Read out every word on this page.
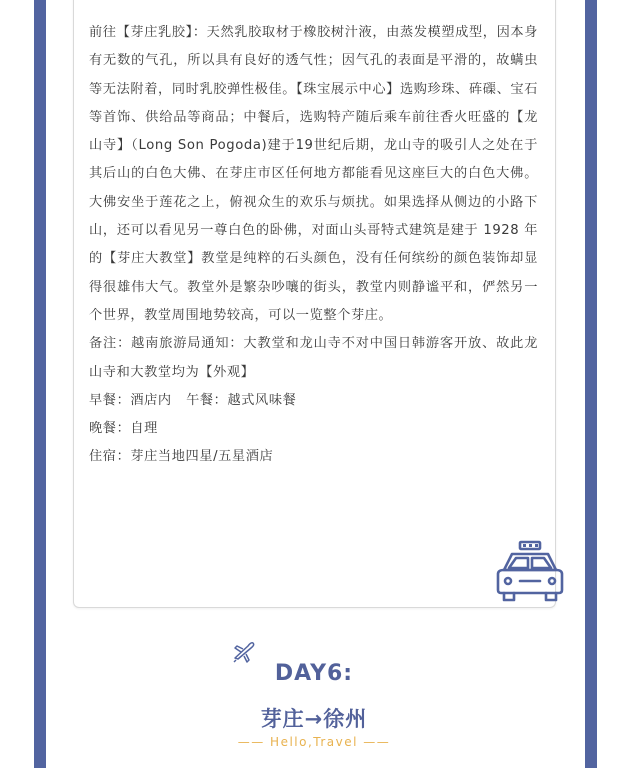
前往【芽庄乳胶】：天然乳胶取材于橡胶树汁液，由蒸发模塑成型，因本身有无数的气孔，所以具有良好的透气性；因气孔的表面是平滑的，故螨虫等无法附着，同时乳胶弹性极佳。【珠宝展示中心】选购珍珠、砗磲、宝石等首饰、供给品等商品；中餐后，选购特产随后乘车前往香火旺盛的【龙山寺】（Long Son Pogoda)建于19世纪后期，龙山寺的吸引人之处在于其后山的白色大佛、在芽庄市区任何地方都能看见这座巨大的白色大佛。大佛安坐于莲花之上，俯视众生的欢乐与烦扰。如果选择从侧边的小路下山，还可以看见另一尊白色的卧佛，对面山头哥特式建筑是建于 1928 年的【芽庄大教堂】教堂是纯粹的石头颜色，没有任何缤纷的颜色装饰却显得很雄伟大气。教堂外是繁杂吵嚷的街头，教堂内则静谧平和，俨然另一个世界，教堂周围地势较高，可以一览整个芽庄。

备注：越南旅游局通知：大教堂和龙山寺不对中国日韩游客开放、故此龙山寺和大教堂均为【外观】

早餐：酒店内   午餐：越式风味餐

晚餐：自理

住宿：芽庄当地四星/五星酒店

DAY6:
芽庄→徐州
—— Hello,Travel ——
